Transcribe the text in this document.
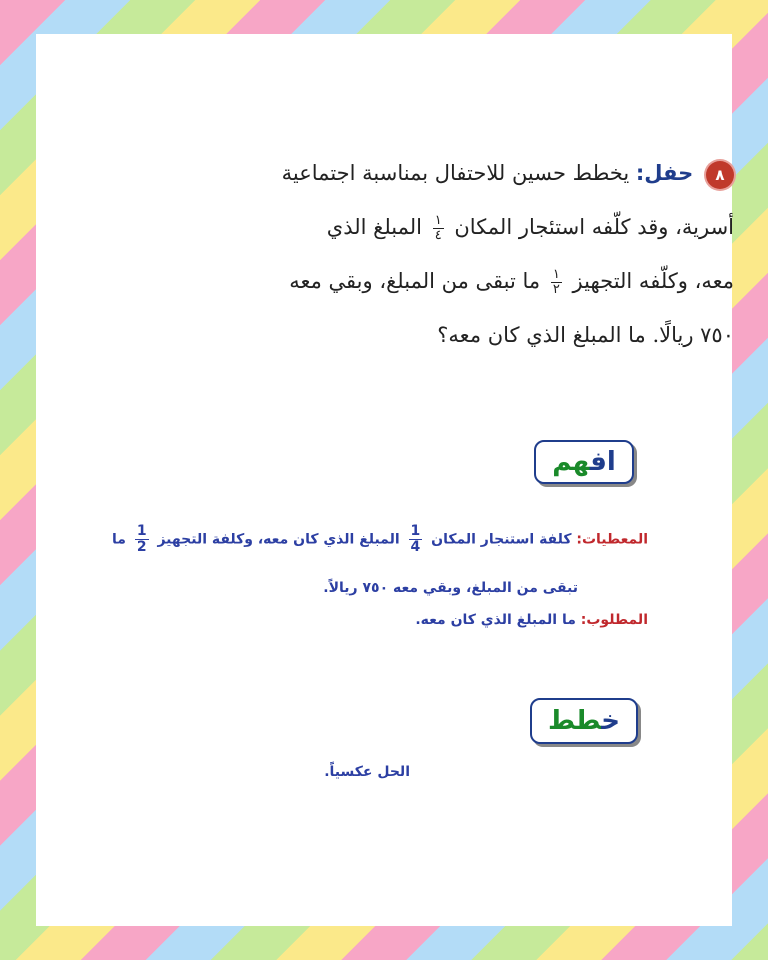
٨ حفل: يخطط حسين للاحتفال بمناسبة اجتماعية
أسرية، وقد كلّفه استئجار المكان
$\frac{١}{٤}$
المبلغ الذي
معه، وكلّفه التجهيز
$\frac{١}{٢}$
ما تبقى من المبلغ، وبقي معه
٧٥٠ ريالًا. ما المبلغ الذي كان معه؟
افهم
المعطيات: كلفة استنجار المكان
$\frac{1}{4}$
المبلغ الذي كان معه، وكلفة التجهيز
$\frac{1}{2}$
ما
تبقى من المبلغ، وبقي معه ٧٥٠ ريالاً.
المطلوب: ما المبلغ الذي كان معه.
خطط
الحل عكسياً.
